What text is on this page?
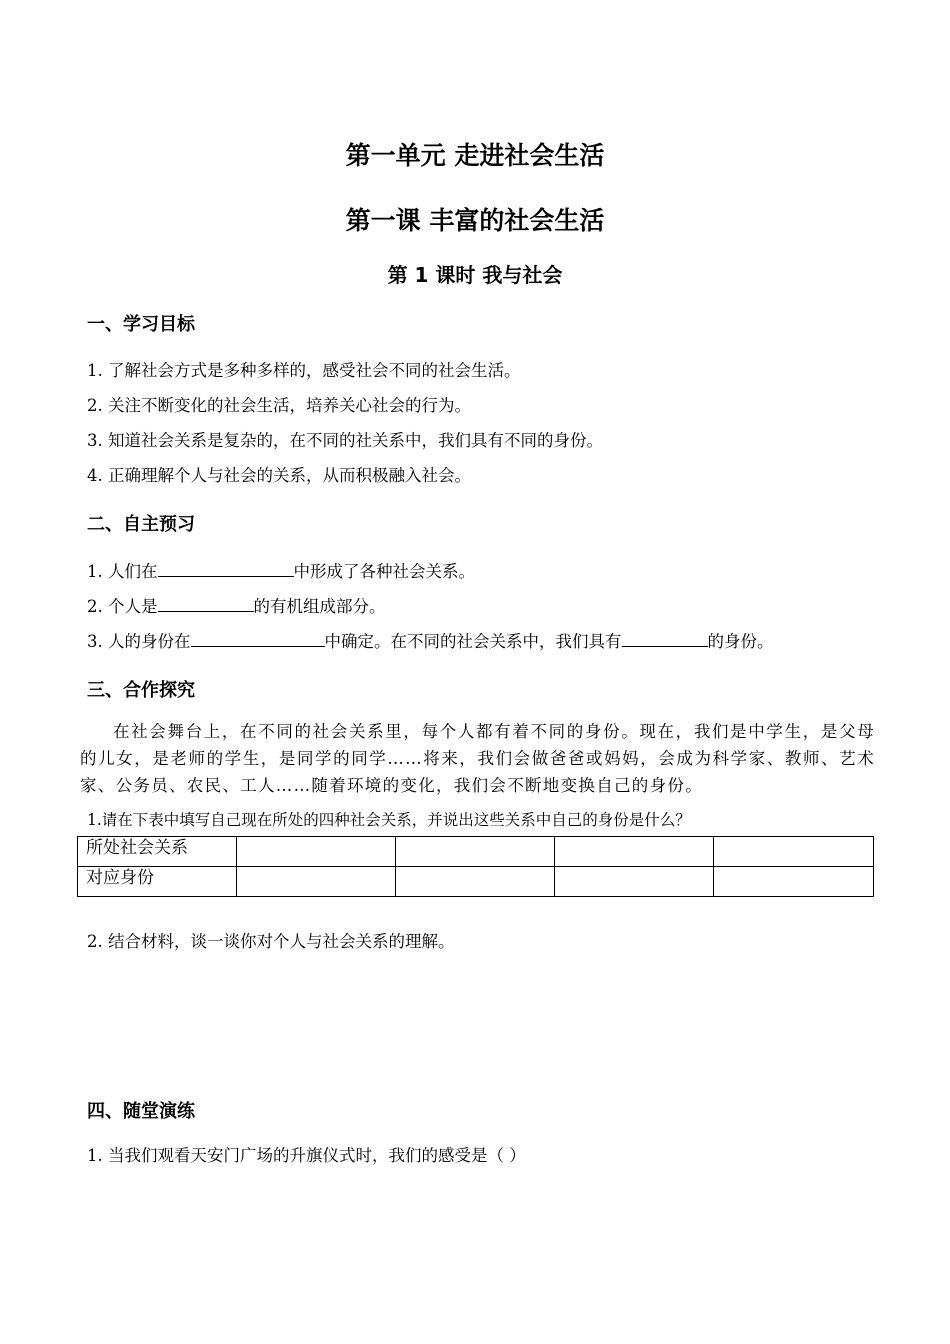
第一单元 走进社会生活
第一课 丰富的社会生活
第 1 课时 我与社会
一、学习目标
1. 了解社会方式是多种多样的，感受社会不同的社会生活。
2. 关注不断变化的社会生活，培养关心社会的行为。
3. 知道社会关系是复杂的，在不同的社关系中，我们具有不同的身份。
4. 正确理解个人与社会的关系，从而积极融入社会。
二、自主预习
1. 人们在	中形成了各种社会关系。
2. 个人是	的有机组成部分。
3. 人的身份在	中确定。在不同的社会关系中，我们具有	的身份。
三、合作探究
在社会舞台上，在不同的社会关系里，每个人都有着不同的身份。现在，我们是中学生，是父母的儿女，是老师的学生，是同学的同学……将来，我们会做爸爸或妈妈，会成为科学家、教师、艺术家、公务员、农民、工人……随着环境的变化，我们会不断地变换自己的身份。
1.请在下表中填写自己现在所处的四种社会关系，并说出这些关系中自己的身份是什么？
所处社会关系				
对应身份				
2. 结合材料，谈一谈你对个人与社会关系的理解。
四、随堂演练
1. 当我们观看天安门广场的升旗仪式时，我们的感受是（ ）
